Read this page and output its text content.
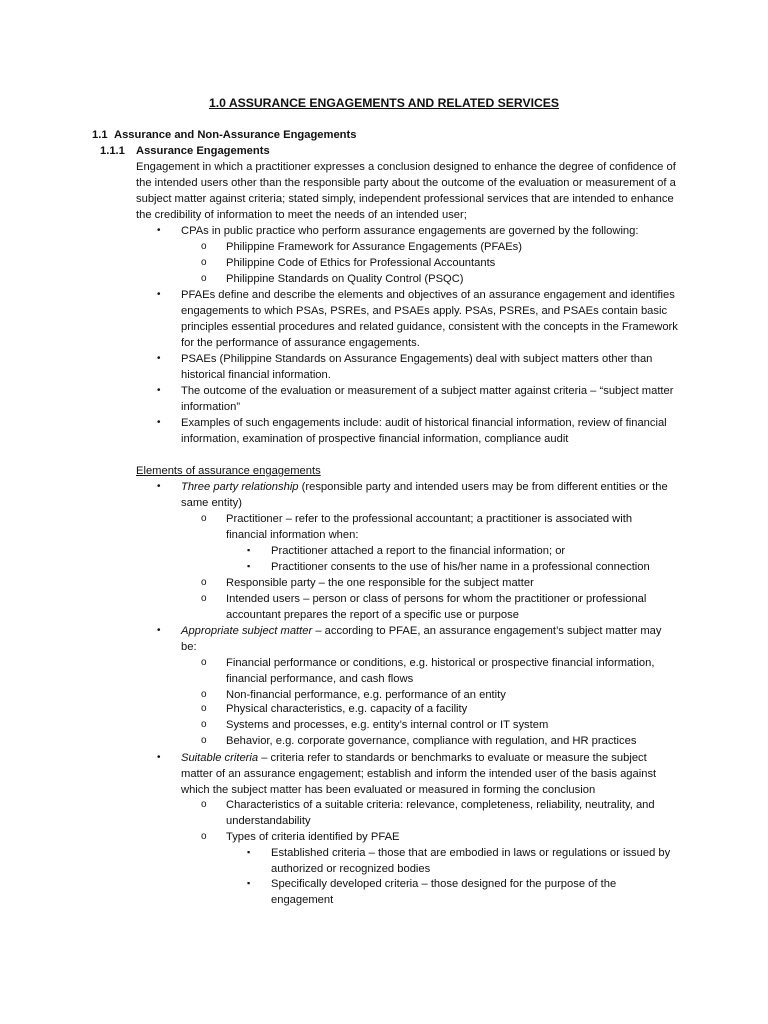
1.0 ASSURANCE ENGAGEMENTS AND RELATED SERVICES
1.1 Assurance and Non-Assurance Engagements
1.1.1 Assurance Engagements
Engagement in which a practitioner expresses a conclusion designed to enhance the degree of confidence of the intended users other than the responsible party about the outcome of the evaluation or measurement of a subject matter against criteria; stated simply, independent professional services that are intended to enhance the credibility of information to meet the needs of an intended user;
• CPAs in public practice who perform assurance engagements are governed by the following:
o Philippine Framework for Assurance Engagements (PFAEs)
o Philippine Code of Ethics for Professional Accountants
o Philippine Standards on Quality Control (PSQC)
• PFAEs define and describe the elements and objectives of an assurance engagement and identifies engagements to which PSAs, PSREs, and PSAEs apply. PSAs, PSREs, and PSAEs contain basic principles essential procedures and related guidance, consistent with the concepts in the Framework for the performance of assurance engagements.
• PSAEs (Philippine Standards on Assurance Engagements) deal with subject matters other than historical financial information.
• The outcome of the evaluation or measurement of a subject matter against criteria – “subject matter information”
• Examples of such engagements include: audit of historical financial information, review of financial information, examination of prospective financial information, compliance audit
Elements of assurance engagements
• Three party relationship (responsible party and intended users may be from different entities or the same entity)
o Practitioner – refer to the professional accountant; a practitioner is associated with financial information when:
▪ Practitioner attached a report to the financial information; or
▪ Practitioner consents to the use of his/her name in a professional connection
o Responsible party – the one responsible for the subject matter
o Intended users – person or class of persons for whom the practitioner or professional accountant prepares the report of a specific use or purpose
• Appropriate subject matter – according to PFAE, an assurance engagement’s subject matter may be:
o Financial performance or conditions, e.g. historical or prospective financial information, financial performance, and cash flows
o Non-financial performance, e.g. performance of an entity
o Physical characteristics, e.g. capacity of a facility
o Systems and processes, e.g. entity’s internal control or IT system
o Behavior, e.g. corporate governance, compliance with regulation, and HR practices
• Suitable criteria – criteria refer to standards or benchmarks to evaluate or measure the subject matter of an assurance engagement; establish and inform the intended user of the basis against which the subject matter has been evaluated or measured in forming the conclusion
o Characteristics of a suitable criteria: relevance, completeness, reliability, neutrality, and understandability
o Types of criteria identified by PFAE
▪ Established criteria – those that are embodied in laws or regulations or issued by authorized or recognized bodies
▪ Specifically developed criteria – those designed for the purpose of the engagement
